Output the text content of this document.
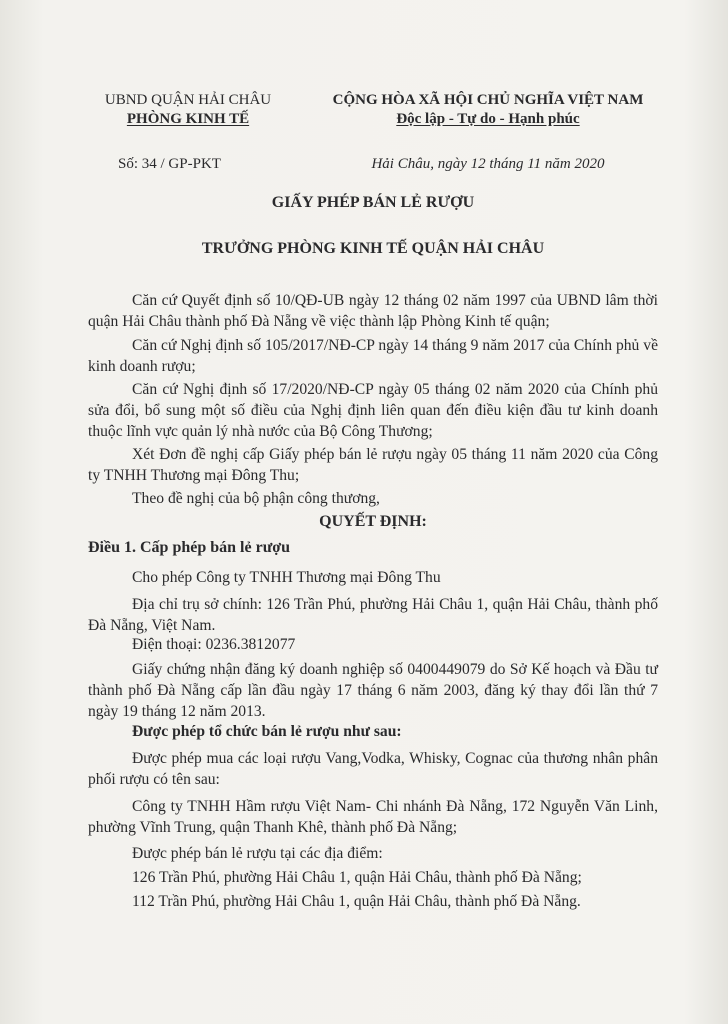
UBND QUẬN HẢI CHÂU
PHÒNG KINH TẾ
Số: 34 / GP-PKT
CỘNG HÒA XÃ HỘI CHỦ NGHĨA VIỆT NAM
Độc lập - Tự do - Hạnh phúc
Hải Châu, ngày 12 tháng 11 năm 2020
GIẤY PHÉP BÁN LẺ RƯỢU
TRƯỞNG PHÒNG KINH TẾ QUẬN HẢI CHÂU
Căn cứ Quyết định số 10/QĐ-UB ngày 12 tháng 02 năm 1997 của UBND lâm thời quận Hải Châu thành phố Đà Nẵng về việc thành lập Phòng Kinh tế quận;
Căn cứ Nghị định số 105/2017/NĐ-CP ngày 14 tháng 9 năm 2017 của Chính phủ về kinh doanh rượu;
Căn cứ Nghị định số 17/2020/NĐ-CP ngày 05 tháng 02 năm 2020 của Chính phủ sửa đổi, bổ sung một số điều của Nghị định liên quan đến điều kiện đầu tư kinh doanh thuộc lĩnh vực quản lý nhà nước của Bộ Công Thương;
Xét Đơn đề nghị cấp Giấy phép bán lẻ rượu ngày 05 tháng 11 năm 2020 của Công ty TNHH Thương mại Đông Thu;
Theo đề nghị của bộ phận công thương,
QUYẾT ĐỊNH:
Điều 1. Cấp phép bán lẻ rượu
Cho phép Công ty TNHH Thương mại Đông Thu
Địa chỉ trụ sở chính: 126 Trần Phú, phường Hải Châu 1, quận Hải Châu, thành phố Đà Nẵng, Việt Nam.
Điện thoại: 0236.3812077
Giấy chứng nhận đăng ký doanh nghiệp số 0400449079 do Sở Kế hoạch và Đầu tư thành phố Đà Nẵng cấp lần đầu ngày 17 tháng 6 năm 2003, đăng ký thay đổi lần thứ 7 ngày 19 tháng 12 năm 2013.
Được phép tổ chức bán lẻ rượu như sau:
Được phép mua các loại rượu Vang,Vodka, Whisky, Cognac của thương nhân phân phối rượu có tên sau:
Công ty TNHH Hầm rượu Việt Nam- Chi nhánh Đà Nẵng, 172 Nguyễn Văn Linh, phường Vĩnh Trung, quận Thanh Khê, thành phố Đà Nẵng;
Được phép bán lẻ rượu tại các địa điểm:
126 Trần Phú, phường Hải Châu 1, quận Hải Châu, thành phố Đà Nẵng;
112 Trần Phú, phường Hải Châu 1, quận Hải Châu, thành phố Đà Nẵng.
